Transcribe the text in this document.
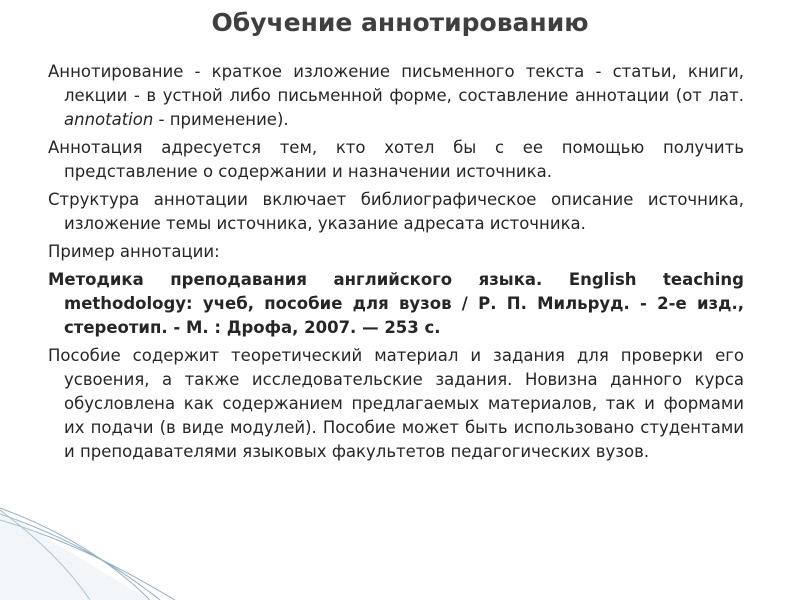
Обучение аннотированию

Аннотирование - краткое изложение письменного текста - статьи, книги, лекции - в устной либо письменной форме, составление аннотации (от лат. annotation - применение).

Аннотация адресуется тем, кто хотел бы с ее помощью получить представление о содержании и назначении источника.

Структура аннотации включает библиографическое описание источника, изложение темы источника, указание адресата источника.

Пример аннотации:

Методика преподавания английского языка. English teaching methodology: учеб, пособие для вузов / Р. П. Мильруд. - 2-е изд., стереотип. - М. : Дрофа, 2007. — 253 с.

Пособие содержит теоретический материал и задания для проверки его усвоения, а также исследовательские задания. Новизна данного курса обусловлена как содержанием предлагаемых материалов, так и формами их подачи (в виде модулей). Пособие может быть использовано студентами и преподавателями языковых факультетов педагогических вузов.
